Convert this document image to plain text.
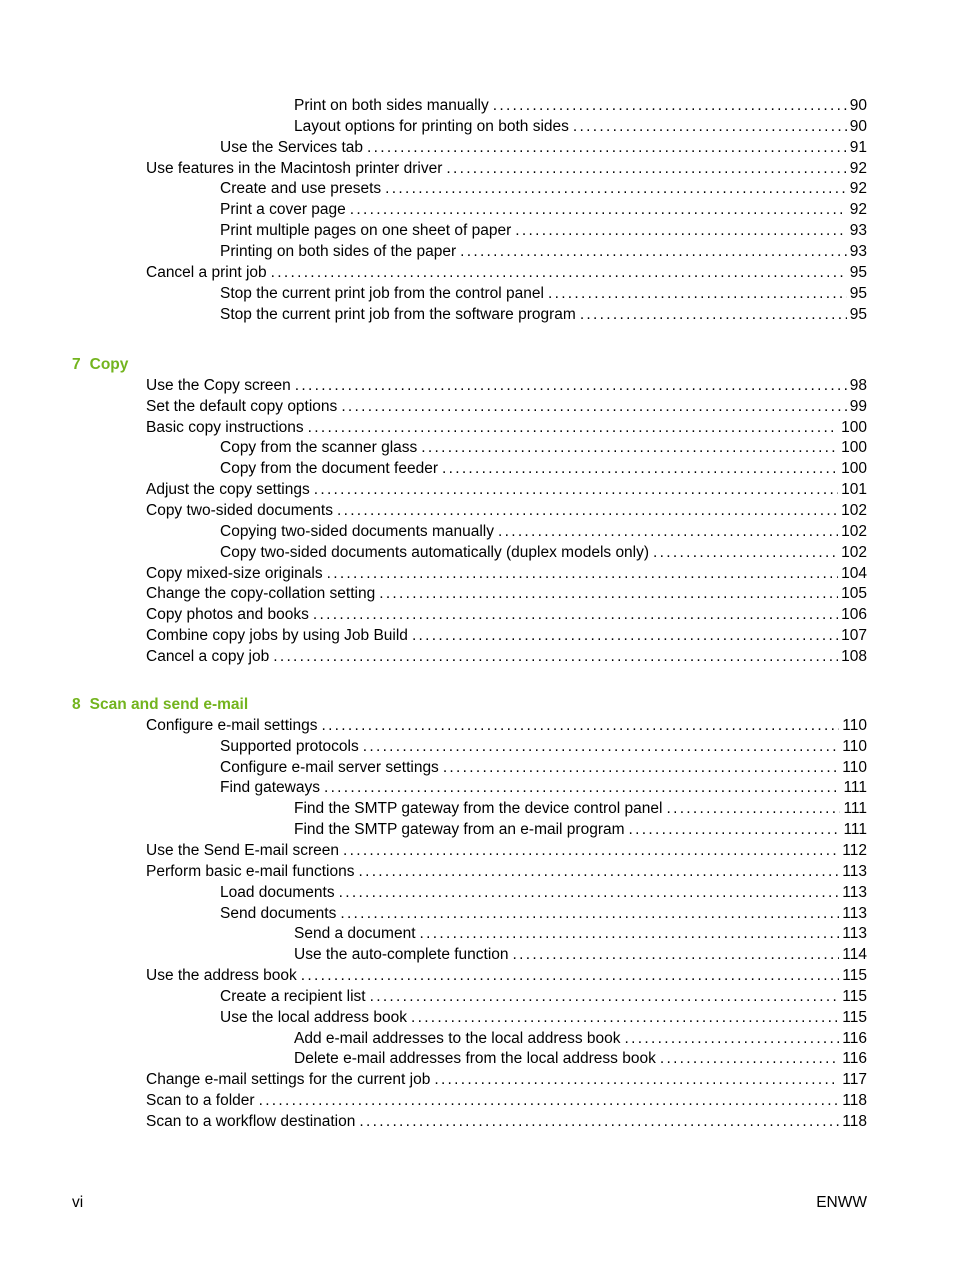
Print on both sides manually . . .	90
Layout options for printing on both sides . . .	90
Use the Services tab . . .	91
Use features in the Macintosh printer driver . . .	92
Create and use presets . . .	92
Print a cover page . . .	92
Print multiple pages on one sheet of paper . . .	93
Printing on both sides of the paper . . .	93
Cancel a print job . . .	95
Stop the current print job from the control panel . . .	95
Stop the current print job from the software program . . .	95
7 Copy
Use the Copy screen . . .	98
Set the default copy options . . .	99
Basic copy instructions . . .	100
Copy from the scanner glass . . .	100
Copy from the document feeder . . .	100
Adjust the copy settings . . .	101
Copy two-sided documents . . .	102
Copying two-sided documents manually . . .	102
Copy two-sided documents automatically (duplex models only) . . .	102
Copy mixed-size originals . . .	104
Change the copy-collation setting . . .	105
Copy photos and books . . .	106
Combine copy jobs by using Job Build . . .	107
Cancel a copy job . . .	108
8 Scan and send e-mail
Configure e-mail settings . . .	110
Supported protocols . . .	110
Configure e-mail server settings . . .	110
Find gateways . . .	111
Find the SMTP gateway from the device control panel . . .	111
Find the SMTP gateway from an e-mail program . . .	111
Use the Send E-mail screen . . .	112
Perform basic e-mail functions . . .	113
Load documents . . .	113
Send documents . . .	113
Send a document . . .	113
Use the auto-complete function . . .	114
Use the address book . . .	115
Create a recipient list . . .	115
Use the local address book . . .	115
Add e-mail addresses to the local address book . . .	116
Delete e-mail addresses from the local address book . . .	116
Change e-mail settings for the current job . . .	117
Scan to a folder . . .	118
Scan to a workflow destination . . .	118
vi	ENWW
